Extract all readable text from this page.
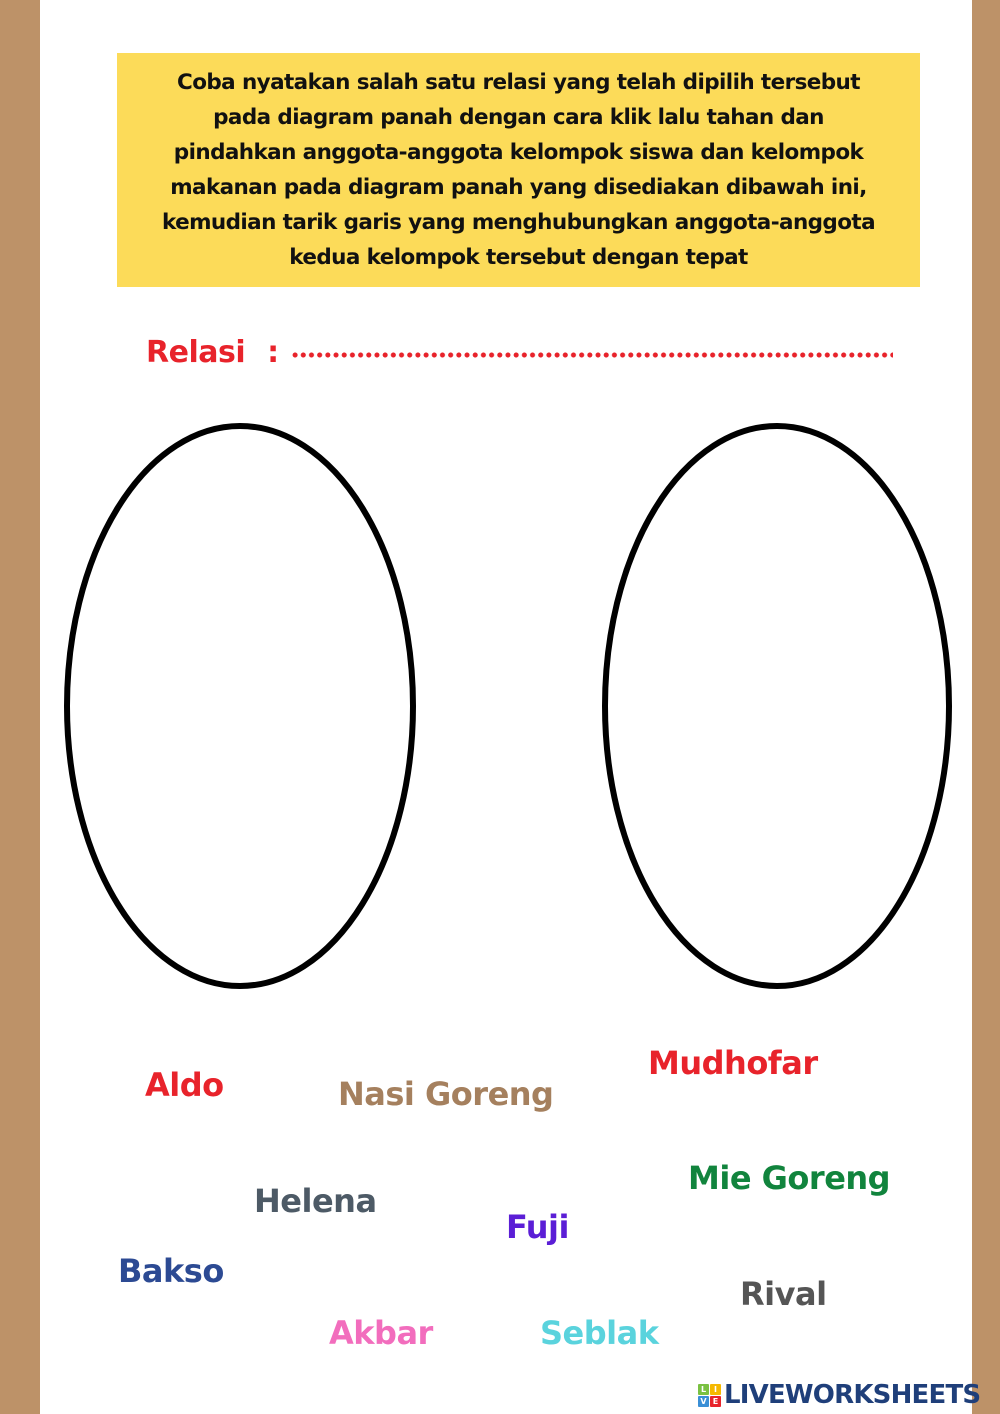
Coba nyatakan salah satu relasi yang telah dipilih tersebut
pada diagram panah dengan cara klik lalu tahan dan
pindahkan anggota-anggota kelompok siswa dan kelompok
makanan pada diagram panah yang disediakan dibawah ini,
kemudian tarik garis yang menghubungkan anggota-anggota
kedua kelompok tersebut dengan tepat

Relasi :
Aldo	Nasi Goreng
Mudhofar
Mie Goreng
Helena
Fuji
Bakso
Rival
Akbar	Seblak
L I
V E LIVEWORKSHEETS
